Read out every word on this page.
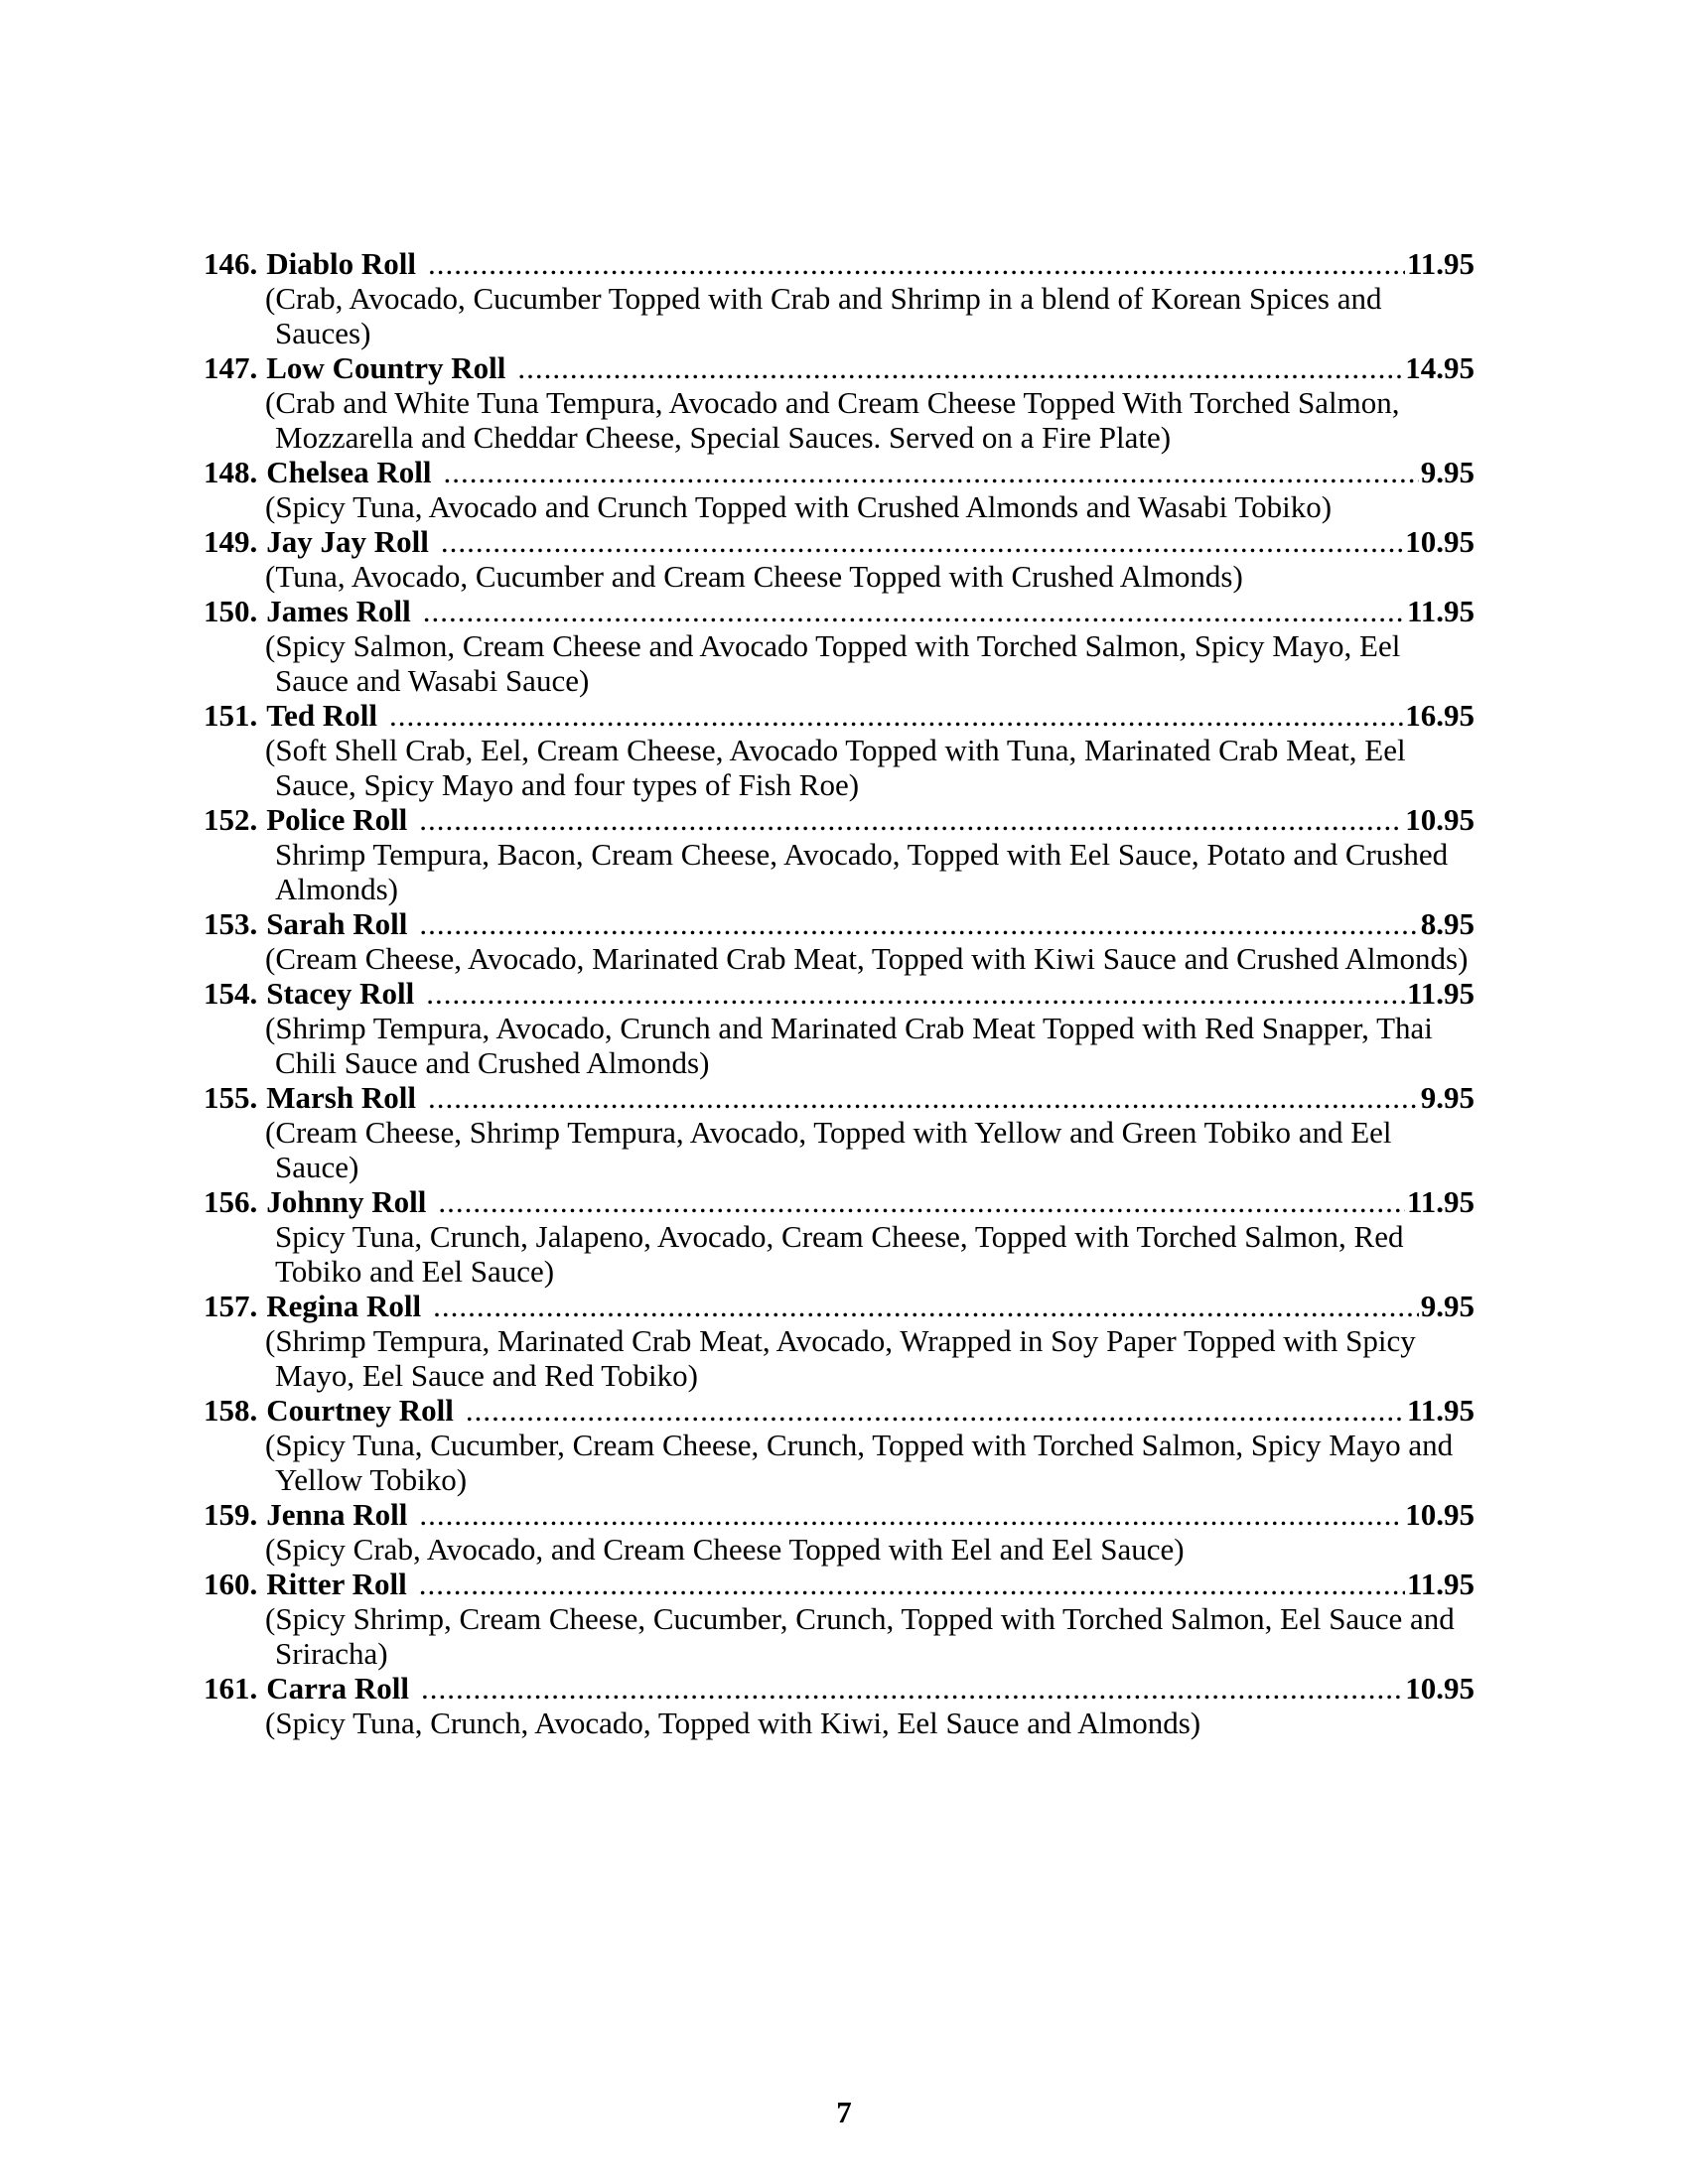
146. Diablo Roll .....	11.95

(Crab, Avocado, Cucumber Topped with Crab and Shrimp in a blend of Korean Spices and Sauces)

147. Low Country Roll .....	14.95

(Crab and White Tuna Tempura, Avocado and Cream Cheese Topped With Torched Salmon, Mozzarella and Cheddar Cheese, Special Sauces. Served on a Fire Plate)

148. Chelsea Roll .....	9.95

(Spicy Tuna, Avocado and Crunch Topped with Crushed Almonds and Wasabi Tobiko)

149. Jay Jay Roll .....	10.95

(Tuna, Avocado, Cucumber and Cream Cheese Topped with Crushed Almonds)

150. James Roll .....	11.95

(Spicy Salmon, Cream Cheese and Avocado Topped with Torched Salmon, Spicy Mayo, Eel Sauce and Wasabi Sauce)

151. Ted Roll .....	16.95

(Soft Shell Crab, Eel, Cream Cheese, Avocado Topped with Tuna, Marinated Crab Meat, Eel Sauce, Spicy Mayo and four types of Fish Roe)

152. Police Roll .....	10.95

Shrimp Tempura, Bacon, Cream Cheese, Avocado, Topped with Eel Sauce, Potato and Crushed Almonds)

153. Sarah Roll .....	8.95

(Cream Cheese, Avocado, Marinated Crab Meat, Topped with Kiwi Sauce and Crushed Almonds)

154. Stacey Roll .....	11.95

(Shrimp Tempura, Avocado, Crunch and Marinated Crab Meat Topped with Red Snapper, Thai Chili Sauce and Crushed Almonds)

155. Marsh Roll .....	9.95

(Cream Cheese, Shrimp Tempura, Avocado, Topped with Yellow and Green Tobiko and Eel Sauce)

156. Johnny Roll .....	11.95

Spicy Tuna, Crunch, Jalapeno, Avocado, Cream Cheese, Topped with Torched Salmon, Red Tobiko and Eel Sauce)

157. Regina Roll .....	9.95

(Shrimp Tempura, Marinated Crab Meat, Avocado, Wrapped in Soy Paper Topped with Spicy Mayo, Eel Sauce and Red Tobiko)

158. Courtney Roll .....	11.95

(Spicy Tuna, Cucumber, Cream Cheese, Crunch, Topped with Torched Salmon, Spicy Mayo and Yellow Tobiko)

159. Jenna Roll .....	10.95

(Spicy Crab, Avocado, and Cream Cheese Topped with Eel and Eel Sauce)

160. Ritter Roll .....	11.95

(Spicy Shrimp, Cream Cheese, Cucumber, Crunch, Topped with Torched Salmon, Eel Sauce and Sriracha)

161. Carra Roll .....	10.95

(Spicy Tuna, Crunch, Avocado, Topped with Kiwi, Eel Sauce and Almonds)

7
